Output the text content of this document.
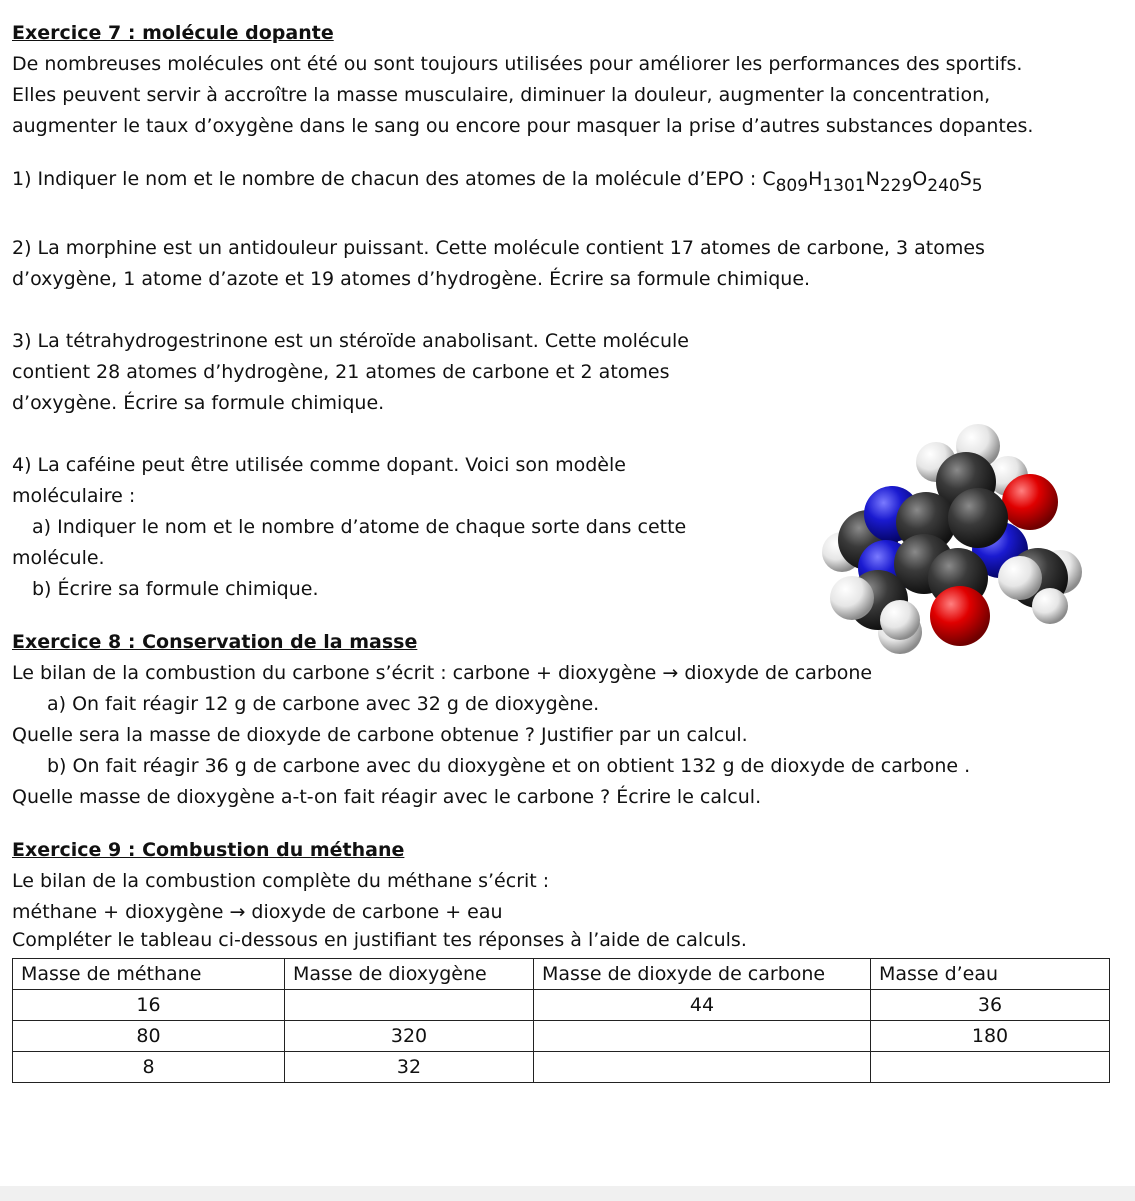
Exercice 7 : molécule dopante

De nombreuses molécules ont été ou sont toujours utilisées pour améliorer les performances des sportifs. Elles peuvent servir à accroître la masse musculaire, diminuer la douleur, augmenter la concentration, augmenter le taux d’oxygène dans le sang ou encore pour masquer la prise d’autres substances dopantes.

1) Indiquer le nom et le nombre de chacun des atomes de la molécule d’EPO : $C_{809}H_{1301}N_{229}O_{240}S_5$

2) La morphine est un antidouleur puissant. Cette molécule contient 17 atomes de carbone, 3 atomes d’oxygène, 1 atome d’azote et 19 atomes d’hydrogène. Écrire sa formule chimique.

3) La tétrahydrogestrinone est un stéroïde anabolisant. Cette molécule contient 28 atomes d’hydrogène, 21 atomes de carbone et 2 atomes d’oxygène. Écrire sa formule chimique.

4) La caféine peut être utilisée comme dopant. Voici son modèle moléculaire :

a) Indiquer le nom et le nombre d’atome de chaque sorte dans cette molécule.

b) Écrire sa formule chimique.

Exercice 8 : Conservation de la masse

Le bilan de la combustion du carbone s’écrit : carbone + dioxygène → dioxyde de carbone

a) On fait réagir 12 g de carbone avec 32 g de dioxygène.

Quelle sera la masse de dioxyde de carbone obtenue ? Justifier par un calcul.

b) On fait réagir 36 g de carbone avec du dioxygène et on obtient 132 g de dioxyde de carbone .

Quelle masse de dioxygène a-t-on fait réagir avec le carbone ? Écrire le calcul.

Exercice 9 : Combustion du méthane

Le bilan de la combustion complète du méthane s’écrit :

méthane + dioxygène → dioxyde de carbone + eau

Compléter le tableau ci-dessous en justifiant tes réponses à l’aide de calculs.

Masse de méthane	Masse de dioxygène	Masse de dioxyde de carbone	Masse d’eau
16		44	36
80	320		180
8	32		
